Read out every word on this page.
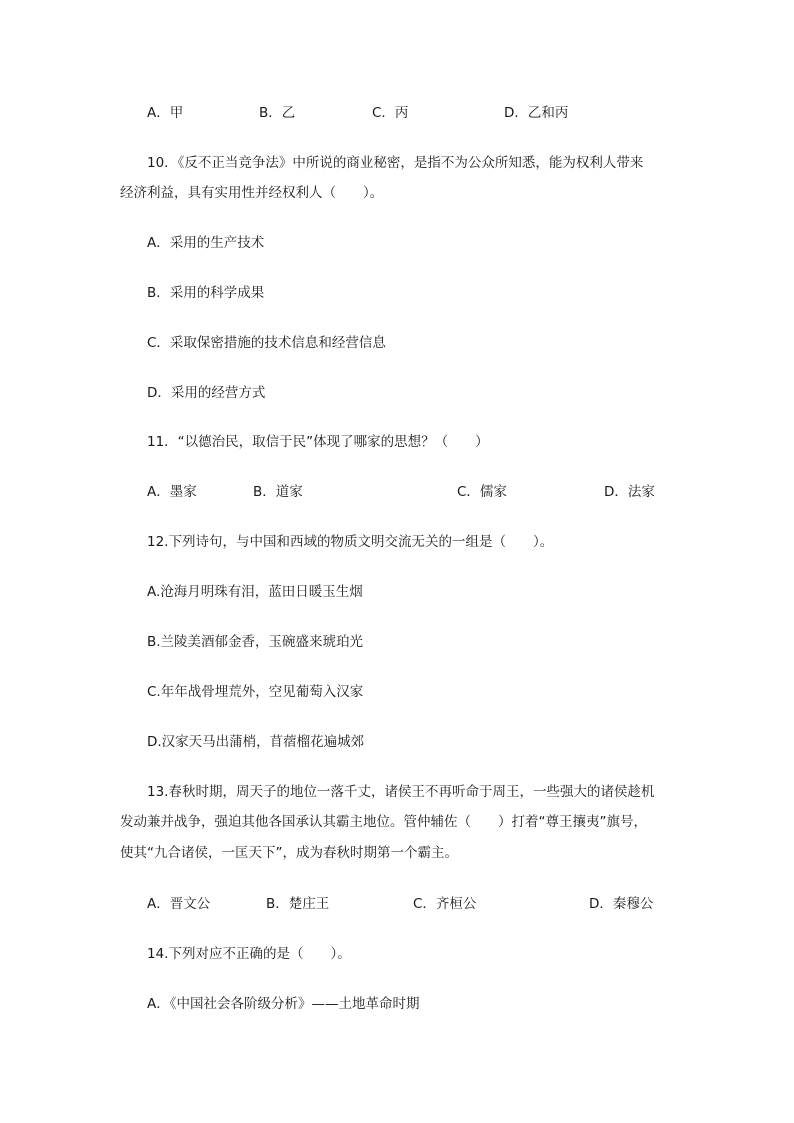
A．甲	B．乙	C．丙	D．乙和丙
10．《反不正当竞争法》中所说的商业秘密，是指不为公众所知悉，能为权利人带来
经济利益，具有实用性并经权利人（　　）。
A．采用的生产技术
B．采用的科学成果
C．采取保密措施的技术信息和经营信息
D．采用的经营方式
11．“以德治民，取信于民”体现了哪家的思想？（　　）
A．墨家	B．道家	C．儒家	D．法家
12.下列诗句，与中国和西域的物质文明交流无关的一组是（　　）。
A.沧海月明珠有泪，蓝田日暖玉生烟
B.兰陵美酒郁金香，玉碗盛来琥珀光
C.年年战骨埋荒外，空见葡萄入汉家
D.汉家天马出蒲梢，苜蓿榴花遍城郊
13.春秋时期，周天子的地位一落千丈，诸侯王不再听命于周王，一些强大的诸侯趁机
发动兼并战争，强迫其他各国承认其霸主地位。管仲辅佐（　　）打着“尊王攘夷”旗号，
使其“九合诸侯，一匡天下”，成为春秋时期第一个霸主。
A．晋文公	B．楚庄王	C．齐桓公	D．秦穆公
14.下列对应不正确的是（　　）。
A．《中国社会各阶级分析》——土地革命时期
